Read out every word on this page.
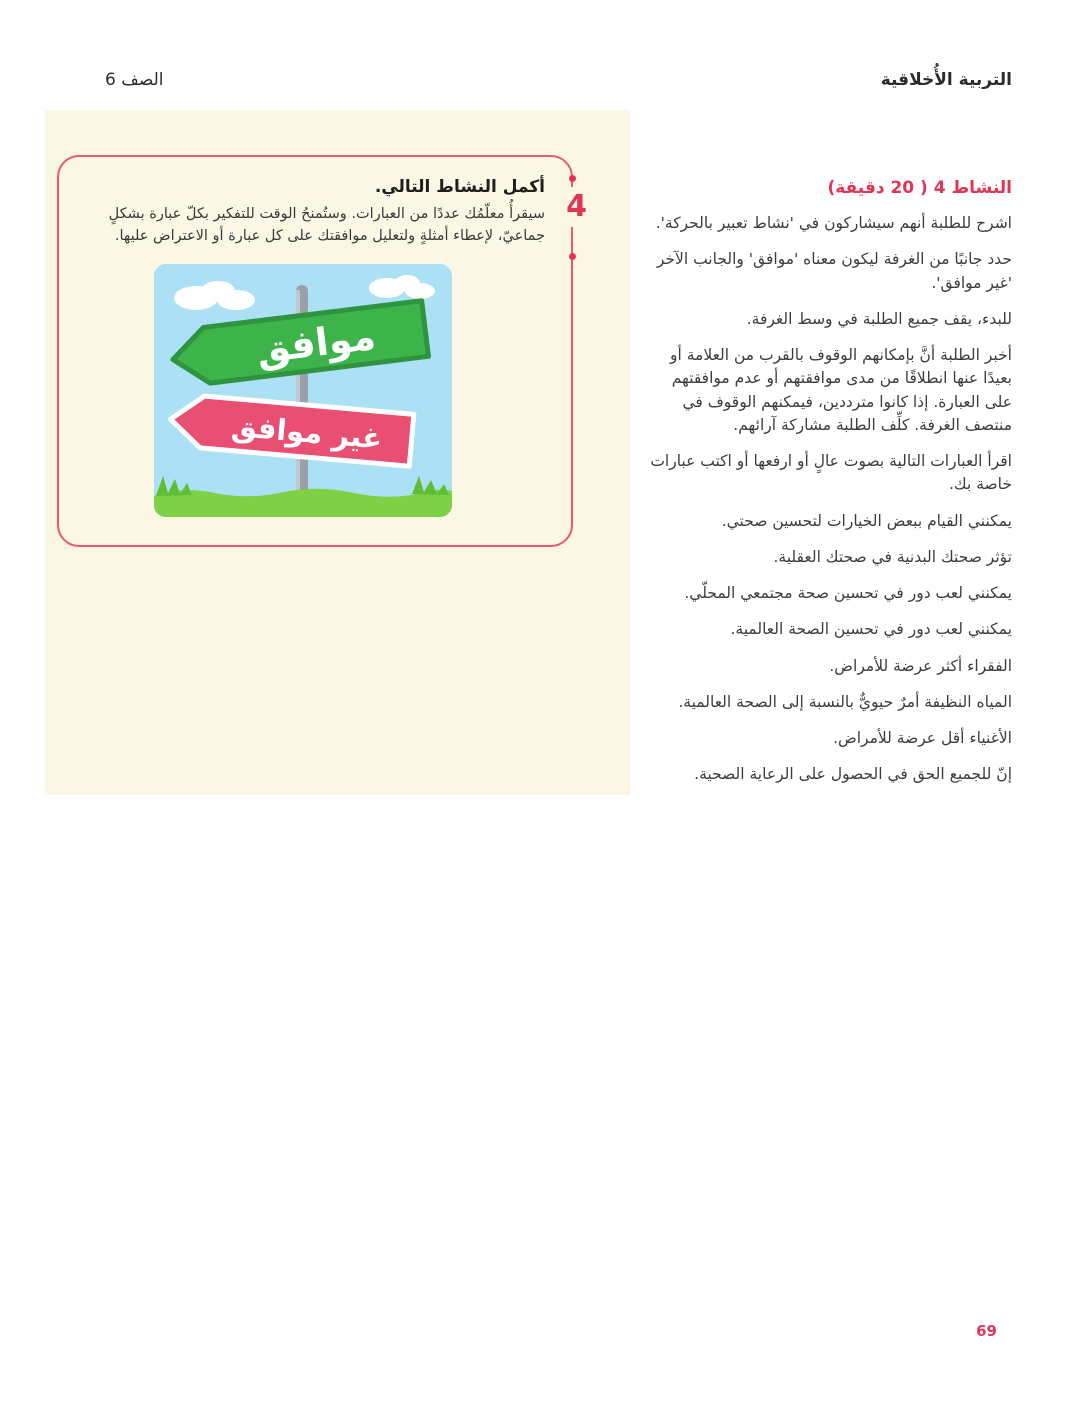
التربية الأُخلاقية
الصف 6
4

أكمل النشاط التالي.

سيقرأُ معلّمُك عددًا من العبارات. وستُمنحُ الوقت للتفكير بكلّ عبارة بشكلٍ جماعيّ، لإعطاء أمثلةٍ ولتعليل موافقتك على كل عبارة أو الاعتراض عليها.

موافق
غير موافق

النشاط 4 ( 20 دقيقة)

اشرح للطلبة أنهم سيشاركون في 'نشاط تعبير بالحركة'.

حدد جانبًا من الغرفة ليكون معناه 'موافق' والجانب الآخر 'غير موافق'.

للبدء، يقف جميع الطلبة في وسط الغرفة.

أخبر الطلبة أنَّ بإمكانهم الوقوف بالقرب من العلامة أو بعيدًا عنها انطلاقًا من مدى موافقتهم أو عدم موافقتهم على العبارة. إذا كانوا مترددين، فيمكنهم الوقوف في منتصف الغرفة. كلِّف الطلبة مشاركة آرائهم.

اقرأ العبارات التالية بصوت عالٍ أو ارفعها أو اكتب عبارات خاصة بك.

يمكنني القيام ببعض الخيارات لتحسين صحتي.

تؤثر صحتك البدنية في صحتك العقلية.

يمكنني لعب دور في تحسين صحة مجتمعي المحلّي.

يمكنني لعب دور في تحسين الصحة العالمية.

الفقراء أكثر عرضة للأمراض.

المياه النظيفة أمرٌ حيويٌّ بالنسبة إلى الصحة العالمية.

الأغنياء أقل عرضة للأمراض.

إنّ للجميع الحق في الحصول على الرعاية الصحية.

69
